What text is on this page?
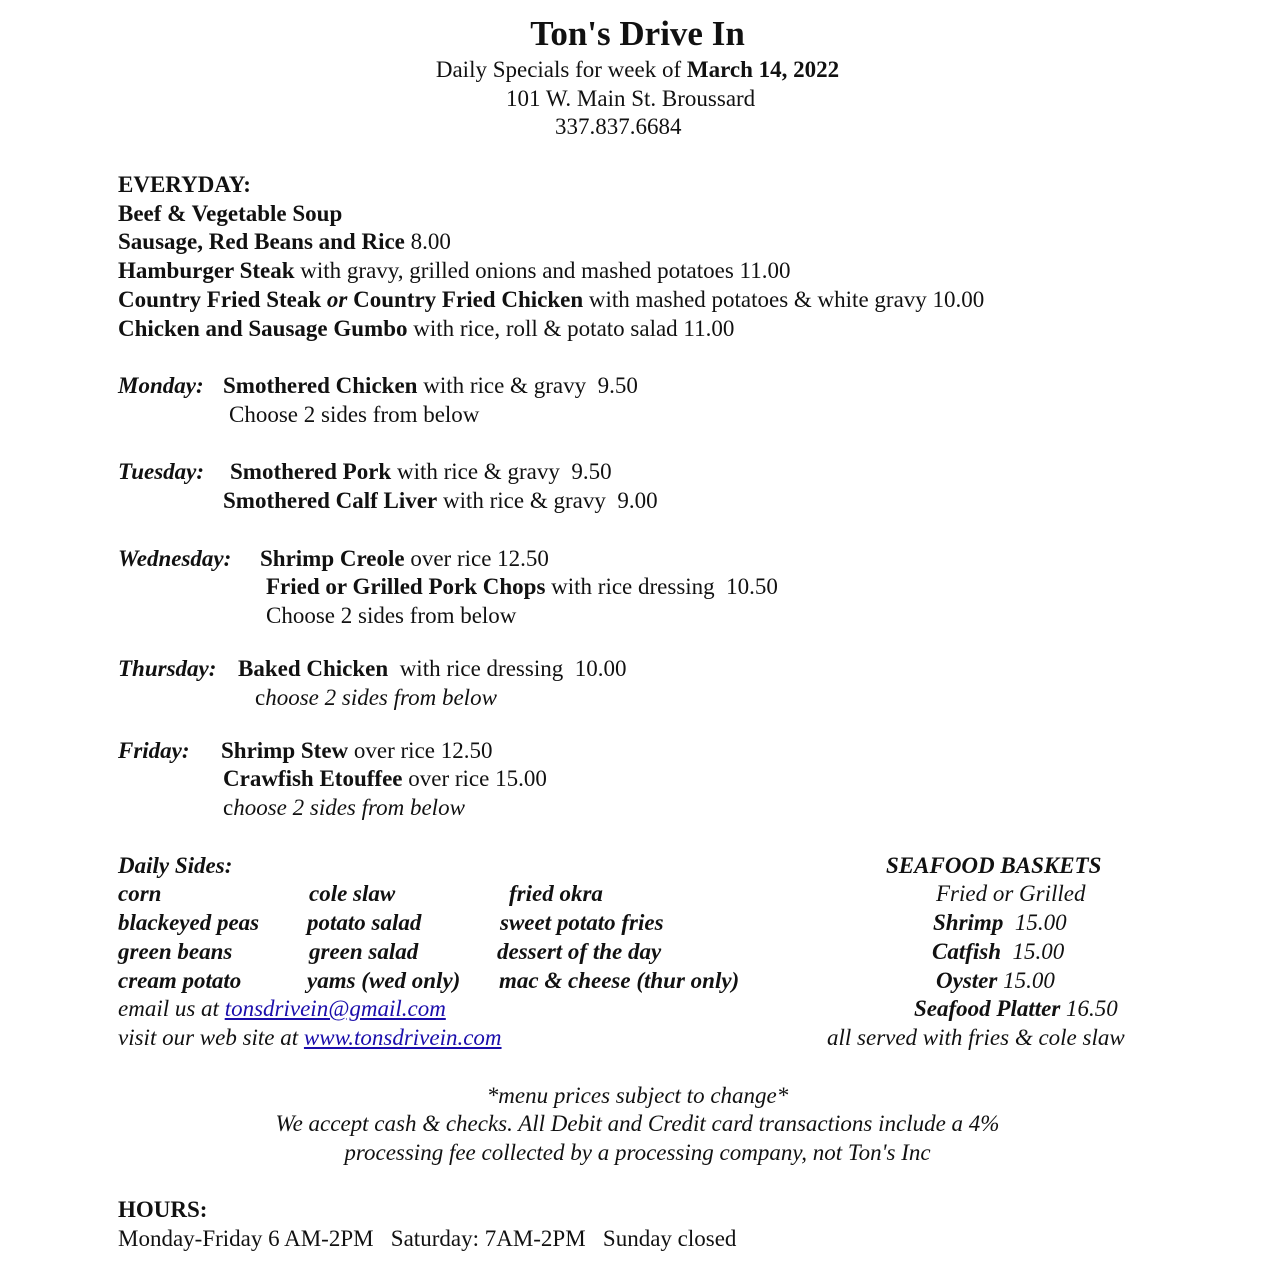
Ton's Drive In
Daily Specials for week of March 14, 2022
101 W. Main St. Broussard
337.837.6684
EVERYDAY:
Beef & Vegetable Soup
Sausage, Red Beans and Rice 8.00
Hamburger Steak with gravy, grilled onions and mashed potatoes 11.00
Country Fried Steak or Country Fried Chicken with mashed potatoes & white gravy 10.00
Chicken and Sausage Gumbo with rice, roll & potato salad 11.00
Monday: Smothered Chicken with rice & gravy  9.50
Choose 2 sides from below
Tuesday: Smothered Pork with rice & gravy  9.50
Smothered Calf Liver with rice & gravy  9.00
Wednesday: Shrimp Creole over rice 12.50
Fried or Grilled Pork Chops with rice dressing  10.50
Choose 2 sides from below
Thursday: Baked Chicken  with rice dressing  10.00
choose 2 sides from below
Friday: Shrimp Stew over rice 12.50
Crawfish Etouffee over rice 15.00
choose 2 sides from below
Daily Sides:
corn
blackeyed peas
green beans
cream potato
cole slaw
potato salad
green salad
yams (wed only)
fried okra
sweet potato fries
dessert of the day
mac & cheese (thur only)
email us at tonsdrivein@gmail.com
visit our web site at www.tonsdrivein.com
SEAFOOD BASKETS
Fried or Grilled
Shrimp  15.00
Catfish  15.00
Oyster 15.00
Seafood Platter 16.50
all served with fries & cole slaw
*menu prices subject to change*
We accept cash & checks. All Debit and Credit card transactions include a 4%
processing fee collected by a processing company, not Ton's Inc
HOURS:
Monday-Friday 6 AM-2PM   Saturday: 7AM-2PM   Sunday closed
